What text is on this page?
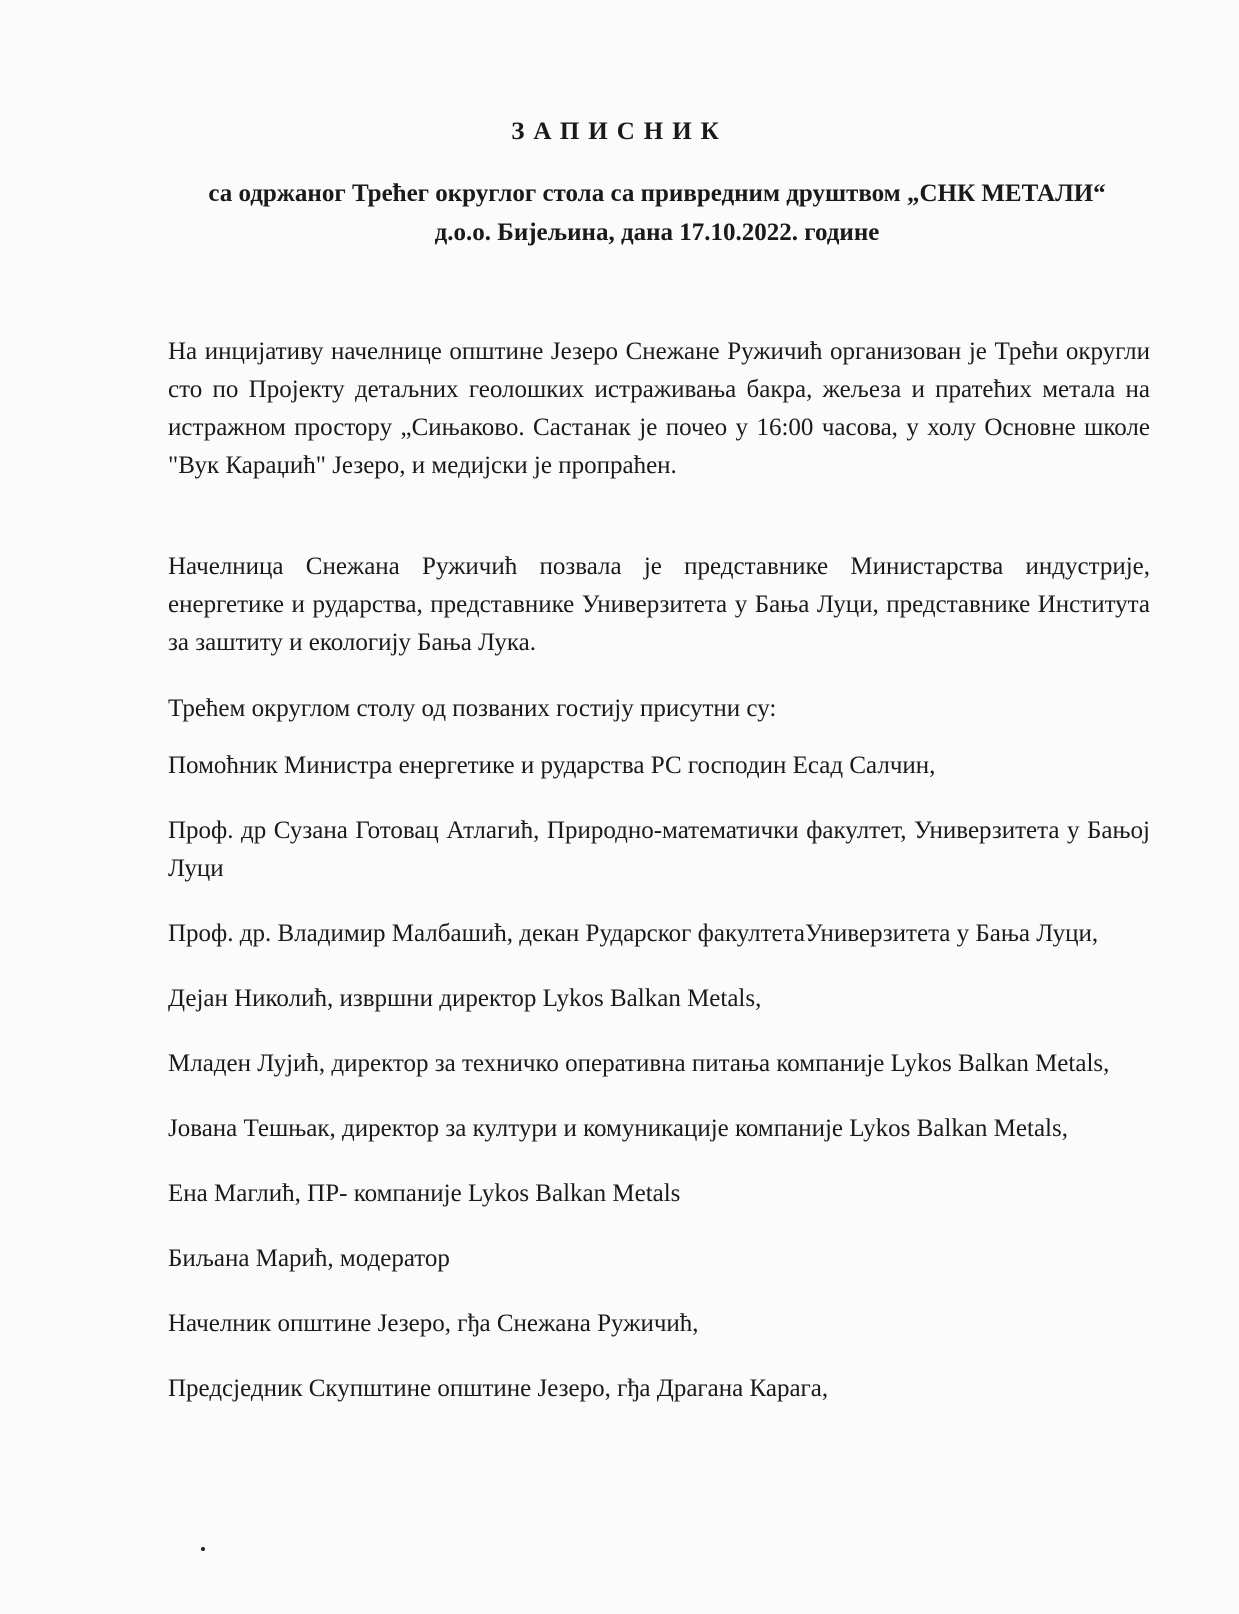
ЗАПИСНИК
са одржаног Трећег округлог стола са привредним друштвом „СНК МЕТАЛИ“ д.о.о. Бијељина, дана 17.10.2022. године

На инцијативу начелнице општине Језеро Снежане Ружичић организован је Трећи округли сто по Пројекту детаљних геолошких истраживања бакра, жељеза и пратећих метала на истражном простору „Сињаково. Састанак је почео у 16:00 часова, у холу Основне школе "Вук Караџић" Језеро, и медијски је пропраћен.

Начелница Снежана Ружичић позвала је представнике Министарства индустрије, енергетике и рударства, представнике Универзитета у Бања Луци, представнике Института за заштиту и екологију Бања Лука.

Трећем округлом столу од позваних гостију присутни су:

Помоћник Министра енергетике и рударства РС господин Есад Салчин,

Проф. др Сузана Готовац Атлагић, Природно-математички факултет, Универзитета у Бањој Луци

Проф. др. Владимир Малбашић, декан Рударског факултетаУниверзитета у Бања Луци,

Дејан Николић, извршни директор Lykos Balkan Metals,

Младен Лујић, директор за техничко оперативна питања компаније Lykos Balkan Metals,

Јована Тешњак, директор за култури и комуникације компаније Lykos Balkan Metals,

Ена Маглић, ПР- компаније Lykos Balkan Metals

Биљана Марић, модератор

Начелник општине Језеро, гђа Снежана Ружичић,

Предсједник Скупштине општине Језеро, гђа Драгана Карага,
